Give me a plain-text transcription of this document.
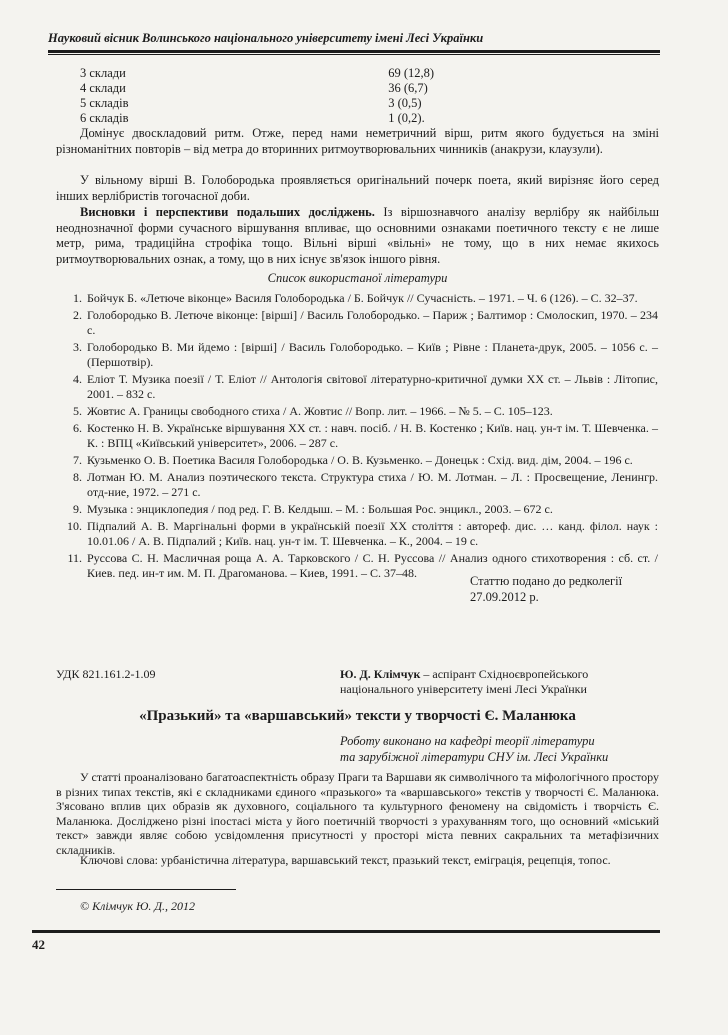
Науковий вісник Волинського національного університету імені Лесі Українки
3 склади	69 (12,8)
4 склади	36 (6,7)
5 складів	3 (0,5)
6 складів	1 (0,2).

Домінує двоскладовий ритм. Отже, перед нами неметричний вірш, ритм якого будується на зміні різноманітних повторів – від метра до вторинних ритмоутворювальних чинників (анакрузи, клаузули).

У вільному вірші В. Голобородька проявляється оригінальний почерк поета, який вирізняє його серед інших верлібристів тогочасної доби.

Висновки і перспективи подальших досліджень. Із віршознавчого аналізу верлібру як найбільш неоднозначної форми сучасного віршування впливає, що основними ознаками поетичного тексту є не лише метр, рима, традиційна строфіка тощо. Вільні вірші «вільні» не тому, що в них немає якихось ритмоутворювальних ознак, а тому, що в них існує зв'язок іншого рівня.

Список використаної літератури
1. Бойчук Б. «Летюче віконце» Василя Голобородька / Б. Бойчук // Сучасність. – 1971. – Ч. 6 (126). – С. 32–37.
2. Голобородько В. Летюче віконце: [вірші] / Василь Голобородько. – Париж ; Балтимор : Смолоскип, 1970. – 234 с.
3. Голобородько В. Ми йдемо : [вірші] / Василь Голобородько. – Київ ; Рівне : Планета-друк, 2005. – 1056 с. – (Першотвір).
4. Еліот Т. Музика поезії / Т. Еліот // Антологія світової літературно-критичної думки XX ст. – Львів : Літопис, 2001. – 832 с.
5. Жовтис А. Границы свободного стиха / А. Жовтис // Вопр. лит. – 1966. – № 5. – С. 105–123.
6. Костенко Н. В. Українське віршування XX ст. : навч. посіб. / Н. В. Костенко ; Київ. нац. ун-т ім. Т. Шевченка. – К. : ВПЦ «Київський університет», 2006. – 287 с.
7. Кузьменко О. В. Поетика Василя Голобородька / О. В. Кузьменко. – Донецьк : Схід. вид. дім, 2004. – 196 с.
8. Лотман Ю. М. Анализ поэтического текста. Структура стиха / Ю. М. Лотман. – Л. : Просвещение, Ленингр. отд-ние, 1972. – 271 с.
9. Музыка : энциклопедия / под ред. Г. В. Келдыш. – М. : Большая Рос. энцикл., 2003. – 672 с.
10. Підпалий А. В. Маргінальні форми в українській поезії XX століття : автореф. дис. … канд. філол. наук : 10.01.06 / А. В. Підпалий ; Київ. нац. ун-т ім. Т. Шевченка. – К., 2004. – 19 с.
11. Руссова С. Н. Масличная роща А. А. Тарковского / С. Н. Руссова // Анализ одного стихотворения : сб. ст. / Киев. пед. ин-т им. М. П. Драгоманова. – Киев, 1991. – С. 37–48.
Статтю подано до редколегії
27.09.2012 р.
УДК 821.161.2-1.09	Ю. Д. Клімчук – аспірант Східноєвропейського національного університету імені Лесі Українки
«Празький» та «варшавський» тексти у творчості Є. Маланюка
Роботу виконано на кафедрі теорії літератури
та зарубіжної літератури СНУ ім. Лесі Українки

У статті проаналізовано багатоаспектність образу Праги та Варшави як символічного та міфологічного простору в різних типах текстів, які є складниками єдиного «празького» та «варшавського» текстів у творчості Є. Маланюка. З'ясовано вплив цих образів як духовного, соціального та культурного феномену на свідомість і творчість Є. Маланюка. Досліджено різні іпостасі міста у його поетичній творчості з урахуванням того, що основний «міський текст» завжди являє собою усвідомлення присутності у просторі міста певних сакральних та метафізичних складників.

Ключові слова: урбаністична література, варшавський текст, празький текст, еміграція, рецепція, топос.

© Клімчук Ю. Д., 2012
42
